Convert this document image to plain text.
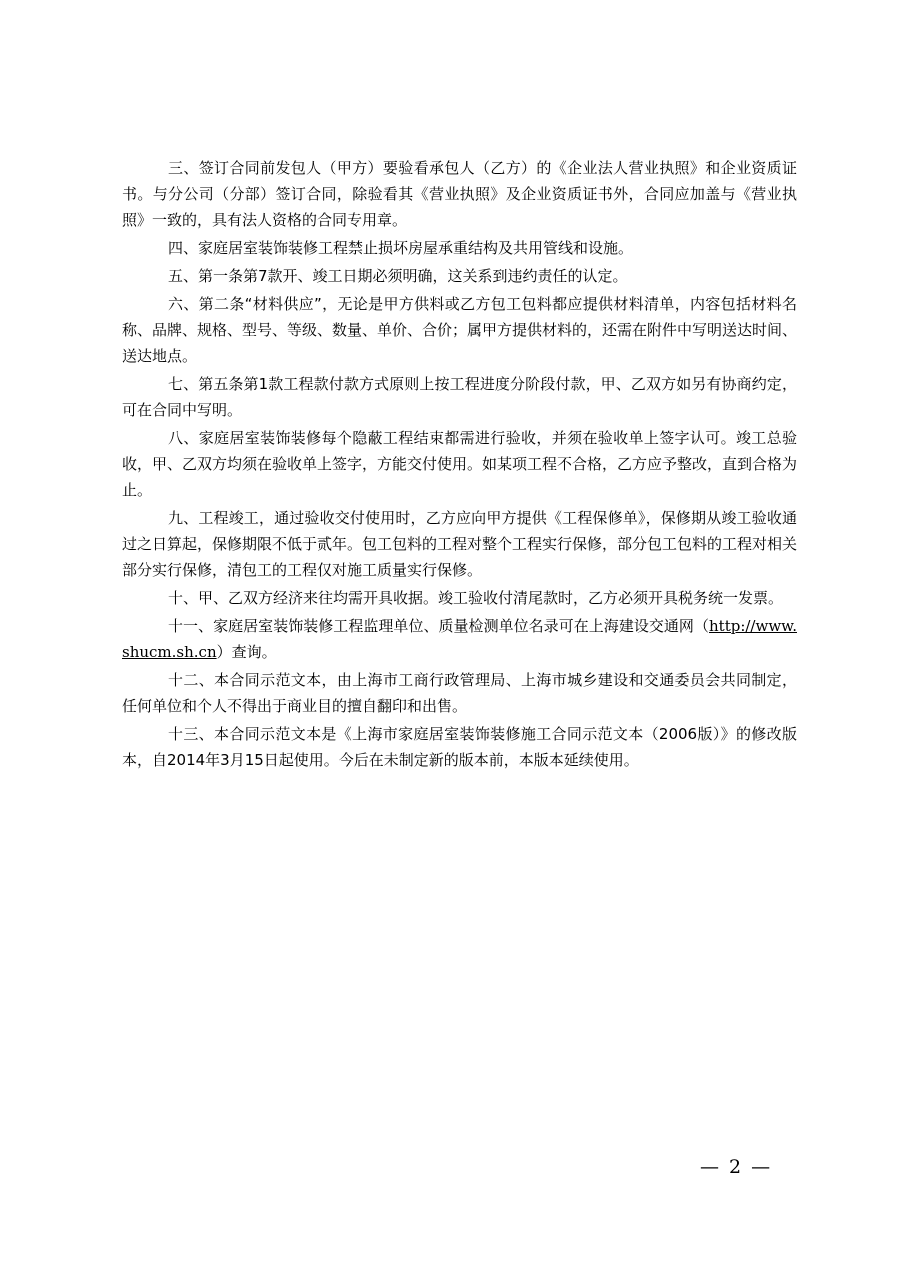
三、签订合同前发包人（甲方）要验看承包人（乙方）的《企业法人营业执照》和企业资质证书。与分公司（分部）签订合同，除验看其《营业执照》及企业资质证书外，合同应加盖与《营业执照》一致的，具有法人资格的合同专用章。

四、家庭居室装饰装修工程禁止损坏房屋承重结构及共用管线和设施。

五、第一条第7款开、竣工日期必须明确，这关系到违约责任的认定。

六、第二条“材料供应”，无论是甲方供料或乙方包工包料都应提供材料清单，内容包括材料名称、品牌、规格、型号、等级、数量、单价、合价；属甲方提供材料的，还需在附件中写明送达时间、送达地点。

七、第五条第1款工程款付款方式原则上按工程进度分阶段付款，甲、乙双方如另有协商约定，可在合同中写明。

八、家庭居室装饰装修每个隐蔽工程结束都需进行验收，并须在验收单上签字认可。竣工总验收，甲、乙双方均须在验收单上签字，方能交付使用。如某项工程不合格，乙方应予整改，直到合格为止。

九、工程竣工，通过验收交付使用时，乙方应向甲方提供《工程保修单》，保修期从竣工验收通过之日算起，保修期限不低于贰年。包工包料的工程对整个工程实行保修，部分包工包料的工程对相关部分实行保修，清包工的工程仅对施工质量实行保修。

十、甲、乙双方经济来往均需开具收据。竣工验收付清尾款时，乙方必须开具税务统一发票。

十一、家庭居室装饰装修工程监理单位、质量检测单位名录可在上海建设交通网（http://www.shucm.sh.cn）查询。

十二、本合同示范文本，由上海市工商行政管理局、上海市城乡建设和交通委员会共同制定，任何单位和个人不得出于商业目的擅自翻印和出售。

十三、本合同示范文本是《上海市家庭居室装饰装修施工合同示范文本（2006版）》的修改版本，自2014年3月15日起使用。今后在未制定新的版本前，本版本延续使用。

— 2 —
